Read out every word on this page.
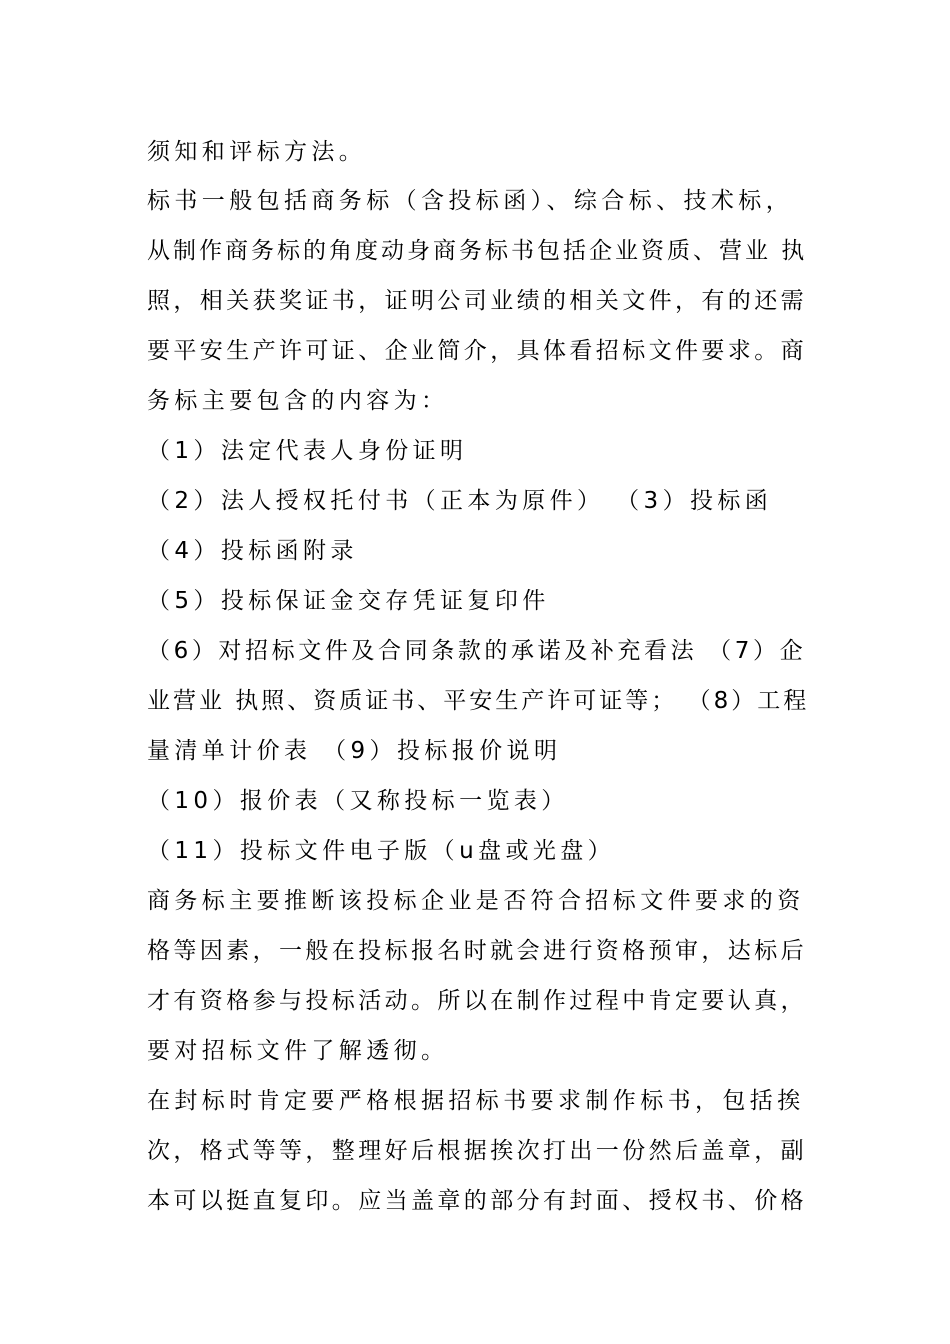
须知和评标方法。
标书一般包括商务标（含投标函）、综合标、技术标，
从制作商务标的角度动身商务标书包括企业资质、营业 执
照，相关获奖证书，证明公司业绩的相关文件，有的还需
要平安生产许可证、企业简介，具体看招标文件要求。商
务标主要包含的内容为：
（1）法定代表人身份证明
（2）法人授权托付书（正本为原件） （3）投标函
（4）投标函附录
（5）投标保证金交存凭证复印件
（6）对招标文件及合同条款的承诺及补充看法 （7）企
业营业 执照、资质证书、平安生产许可证等； （8）工程
量清单计价表 （9）投标报价说明
（10）报价表（又称投标一览表）
（11）投标文件电子版（u盘或光盘）
商务标主要推断该投标企业是否符合招标文件要求的资
格等因素，一般在投标报名时就会进行资格预审，达标后
才有资格参与投标活动。所以在制作过程中肯定要认真，
要对招标文件了解透彻。
在封标时肯定要严格根据招标书要求制作标书，包括挨
次，格式等等，整理好后根据挨次打出一份然后盖章，副
本可以挺直复印。应当盖章的部分有封面、授权书、价格
